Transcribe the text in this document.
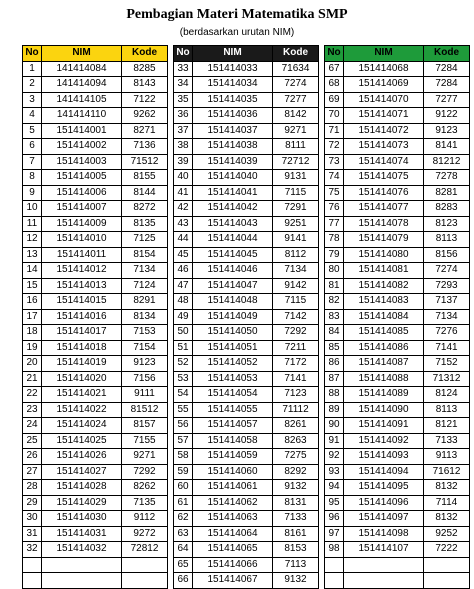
Pembagian Materi Matematika SMP
(berdasarkan urutan NIM)
No	NIM	Kode
1	141414084	8285
2	141414094	8143
3	141414105	7122
4	141414110	9262
5	151414001	8271
6	151414002	7136
7	151414003	71512
8	151414005	8155
9	151414006	8144
10	151414007	8272
11	151414009	8135
12	151414010	7125
13	151414011	8154
14	151414012	7134
15	151414013	7124
16	151414015	8291
17	151414016	8134
18	151414017	7153
19	151414018	7154
20	151414019	9123
21	151414020	7156
22	151414021	9111
23	151414022	81512
24	151414024	8157
25	151414025	7155
26	151414026	9271
27	151414027	7292
28	151414028	8262
29	151414029	7135
30	151414030	9112
31	151414031	9272
32	151414032	72812

No	NIM	Kode
33	151414033	71634
34	151414034	7274
35	151414035	7277
36	151414036	8142
37	151414037	9271
38	151414038	8111
39	151414039	72712
40	151414040	9131
41	151414041	7115
42	151414042	7291
43	151414043	9251
44	151414044	9141
45	151414045	8112
46	151414046	7134
47	151414047	9142
48	151414048	7115
49	151414049	7142
50	151414050	7292
51	151414051	7211
52	151414052	7172
53	151414053	7141
54	151414054	7123
55	151414055	71112
56	151414057	8261
57	151414058	8263
58	151414059	7275
59	151414060	8292
60	151414061	9132
61	151414062	8131
62	151414063	7133
63	151414064	8161
64	151414065	8153
65	151414066	7113
66	151414067	9132
No	NIM	Kode
67	151414068	7284
68	151414069	7284
69	151414070	7277
70	151414071	9122
71	151414072	9123
72	151414073	8141
73	151414074	81212
74	151414075	7278
75	151414076	8281
76	151414077	8283
77	151414078	8123
78	151414079	8113
79	151414080	8156
80	151414081	7274
81	151414082	7293
82	151414083	7137
83	151414084	7134
84	151414085	7276
85	151414086	7141
86	151414087	7152
87	151414088	71312
88	151414089	8124
89	151414090	8113
90	151414091	8121
91	151414092	7133
92	151414093	9113
93	151414094	71612
94	151414095	8132
95	151414096	7114
96	151414097	8132
97	151414098	9252
98	151414107	7222
